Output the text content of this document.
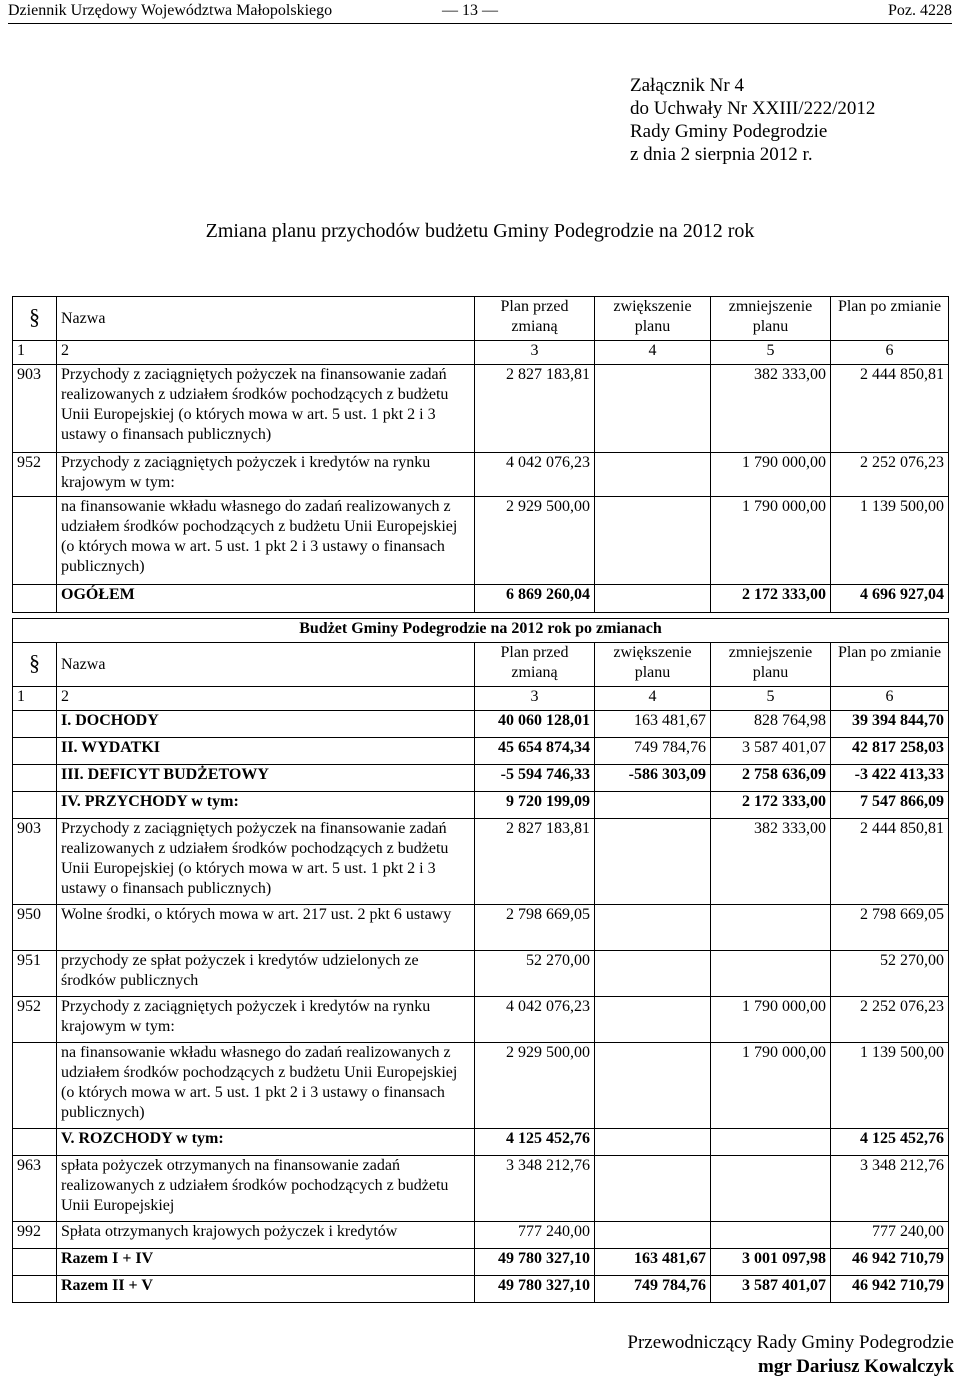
Dziennik Urzędowy Województwa Małopolskiego	— 13 —	Poz. 4228
Załącznik Nr 4
do Uchwały Nr XXIII/222/2012
Rady Gminy Podegrodzie
z dnia 2 sierpnia 2012 r.
Zmiana planu przychodów budżetu Gminy Podegrodzie na 2012 rok
§	Nazwa	Plan przed zmianą	zwiększenie planu	zmniejszenie planu	Plan po zmianie
1	2	3	4	5	6
903	Przychody z zaciągniętych pożyczek na finansowanie zadań realizowanych z udziałem środków pochodzących z budżetu Unii Europejskiej (o których mowa w art. 5 ust. 1 pkt 2 i 3 ustawy o finansach publicznych)	2 827 183,81		382 333,00	2 444 850,81
952	Przychody z zaciągniętych pożyczek i kredytów na rynku krajowym w tym:	4 042 076,23		1 790 000,00	2 252 076,23
	na finansowanie wkładu własnego do zadań realizowanych z udziałem środków pochodzących z budżetu Unii Europejskiej (o których mowa w art. 5 ust. 1 pkt 2 i 3 ustawy o finansach publicznych)	2 929 500,00		1 790 000,00	1 139 500,00
	OGÓŁEM	6 869 260,04		2 172 333,00	4 696 927,04
Budżet Gminy Podegrodzie na 2012 rok po zmianach					
§	Nazwa	Plan przed zmianą	zwiększenie planu	zmniejszenie planu	Plan po zmianie
1	2	3	4	5	6
	I. DOCHODY	40 060 128,01	163 481,67	828 764,98	39 394 844,70
	II. WYDATKI	45 654 874,34	749 784,76	3 587 401,07	42 817 258,03
	III. DEFICYT BUDŻETOWY	-5 594 746,33	-586 303,09	2 758 636,09	-3 422 413,33
	IV. PRZYCHODY w tym:	9 720 199,09		2 172 333,00	7 547 866,09
903	Przychody z zaciągniętych pożyczek na finansowanie zadań realizowanych z udziałem środków pochodzących z budżetu Unii Europejskiej (o których mowa w art. 5 ust. 1 pkt 2 i 3 ustawy o finansach publicznych)	2 827 183,81		382 333,00	2 444 850,81
950	Wolne środki, o których mowa w art. 217 ust. 2 pkt 6 ustawy	2 798 669,05			2 798 669,05
951	przychody ze spłat pożyczek i kredytów udzielonych ze środków publicznych	52 270,00			52 270,00
952	Przychody z zaciągniętych pożyczek i kredytów na rynku krajowym w tym:	4 042 076,23		1 790 000,00	2 252 076,23
	na finansowanie wkładu własnego do zadań realizowanych z udziałem środków pochodzących z budżetu Unii Europejskiej (o których mowa w art. 5 ust. 1 pkt 2 i 3 ustawy o finansach publicznych)	2 929 500,00		1 790 000,00	1 139 500,00
	V. ROZCHODY w tym:	4 125 452,76			4 125 452,76
963	spłata pożyczek otrzymanych na finansowanie zadań realizowanych z udziałem środków pochodzących z budżetu Unii Europejskiej	3 348 212,76			3 348 212,76
992	Spłata otrzymanych krajowych pożyczek i kredytów	777 240,00			777 240,00
	Razem I + IV	49 780 327,10	163 481,67	3 001 097,98	46 942 710,79
	Razem II + V	49 780 327,10	749 784,76	3 587 401,07	46 942 710,79
Przewodniczący Rady Gminy Podegrodzie
mgr Dariusz Kowalczyk
